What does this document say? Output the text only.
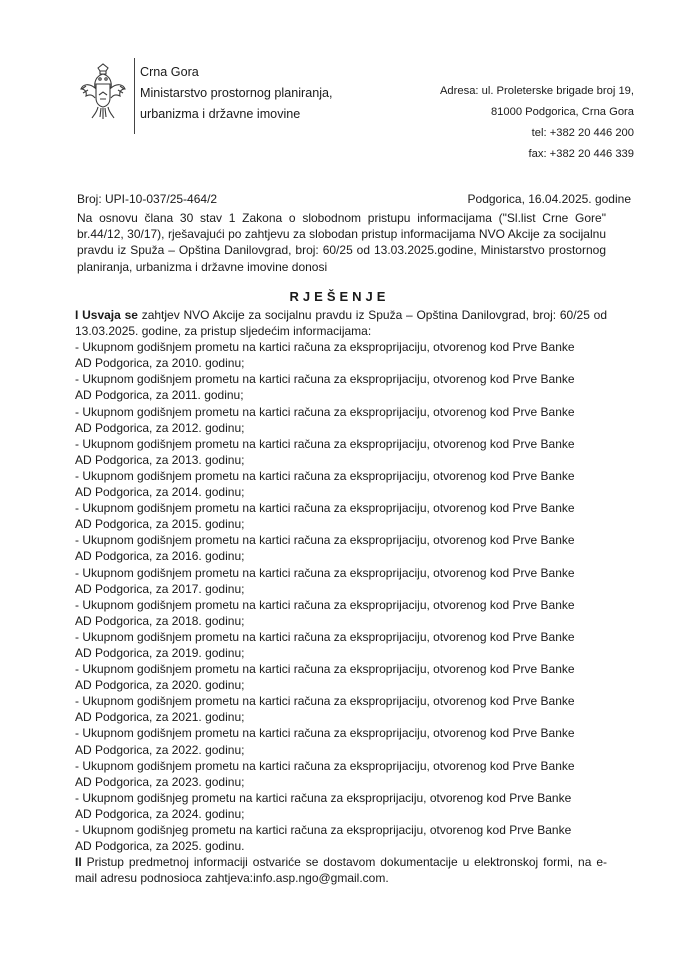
Crna Gora
Ministarstvo prostornog planiranja,
urbanizma i državne imovine
Adresa: ul. Proleterske brigade broj 19,
81000 Podgorica, Crna Gora
tel: +382 20 446 200
fax: +382 20 446 339
Broj: UPI-10-037/25-464/2	Podgorica, 16.04.2025. godine
Na osnovu člana 30 stav 1 Zakona o slobodnom pristupu informacijama ("Sl.list Crne Gore" br.44/12, 30/17), rješavajući po zahtjevu za slobodan pristup informacijama NVO Akcije za socijalnu pravdu iz Spuža – Opština Danilovgrad, broj: 60/25 od 13.03.2025.godine, Ministarstvo prostornog planiranja, urbanizma i državne imovine donosi
RJEŠENJE
I Usvaja se zahtjev NVO Akcije za socijalnu pravdu iz Spuža – Opština Danilovgrad, broj: 60/25 od 13.03.2025. godine, za pristup sljedećim informacijama:
- Ukupnom godišnjem prometu na kartici računa za eksproprijaciju, otvorenog kod Prve Banke
AD Podgorica, za 2010. godinu;
- Ukupnom godišnjem prometu na kartici računa za eksproprijaciju, otvorenog kod Prve Banke
AD Podgorica, za 2011. godinu;
- Ukupnom godišnjem prometu na kartici računa za eksproprijaciju, otvorenog kod Prve Banke
AD Podgorica, za 2012. godinu;
- Ukupnom godišnjem prometu na kartici računa za eksproprijaciju, otvorenog kod Prve Banke
AD Podgorica, za 2013. godinu;
- Ukupnom godišnjem prometu na kartici računa za eksproprijaciju, otvorenog kod Prve Banke
AD Podgorica, za 2014. godinu;
- Ukupnom godišnjem prometu na kartici računa za eksproprijaciju, otvorenog kod Prve Banke
AD Podgorica, za 2015. godinu;
- Ukupnom godišnjem prometu na kartici računa za eksproprijaciju, otvorenog kod Prve Banke
AD Podgorica, za 2016. godinu;
- Ukupnom godišnjem prometu na kartici računa za eksproprijaciju, otvorenog kod Prve Banke
AD Podgorica, za 2017. godinu;
- Ukupnom godišnjem prometu na kartici računa za eksproprijaciju, otvorenog kod Prve Banke
AD Podgorica, za 2018. godinu;
- Ukupnom godišnjem prometu na kartici računa za eksproprijaciju, otvorenog kod Prve Banke
AD Podgorica, za 2019. godinu;
- Ukupnom godišnjem prometu na kartici računa za eksproprijaciju, otvorenog kod Prve Banke
AD Podgorica, za 2020. godinu;
- Ukupnom godišnjem prometu na kartici računa za eksproprijaciju, otvorenog kod Prve Banke
AD Podgorica, za 2021. godinu;
- Ukupnom godišnjem prometu na kartici računa za eksproprijaciju, otvorenog kod Prve Banke
AD Podgorica, za 2022. godinu;
- Ukupnom godišnjem prometu na kartici računa za eksproprijaciju, otvorenog kod Prve Banke
AD Podgorica, za 2023. godinu;
- Ukupnom godišnjeg prometu na kartici računa za eksproprijaciju, otvorenog kod Prve Banke
AD Podgorica, za 2024. godinu;
- Ukupnom godišnjeg prometu na kartici računa za eksproprijaciju, otvorenog kod Prve Banke
AD Podgorica, za 2025. godinu.
II Pristup predmetnoj informaciji ostvariće se dostavom dokumentacije u elektronskoj formi, na e-mail adresu podnosioca zahtjeva:info.asp.ngo@gmail.com.
